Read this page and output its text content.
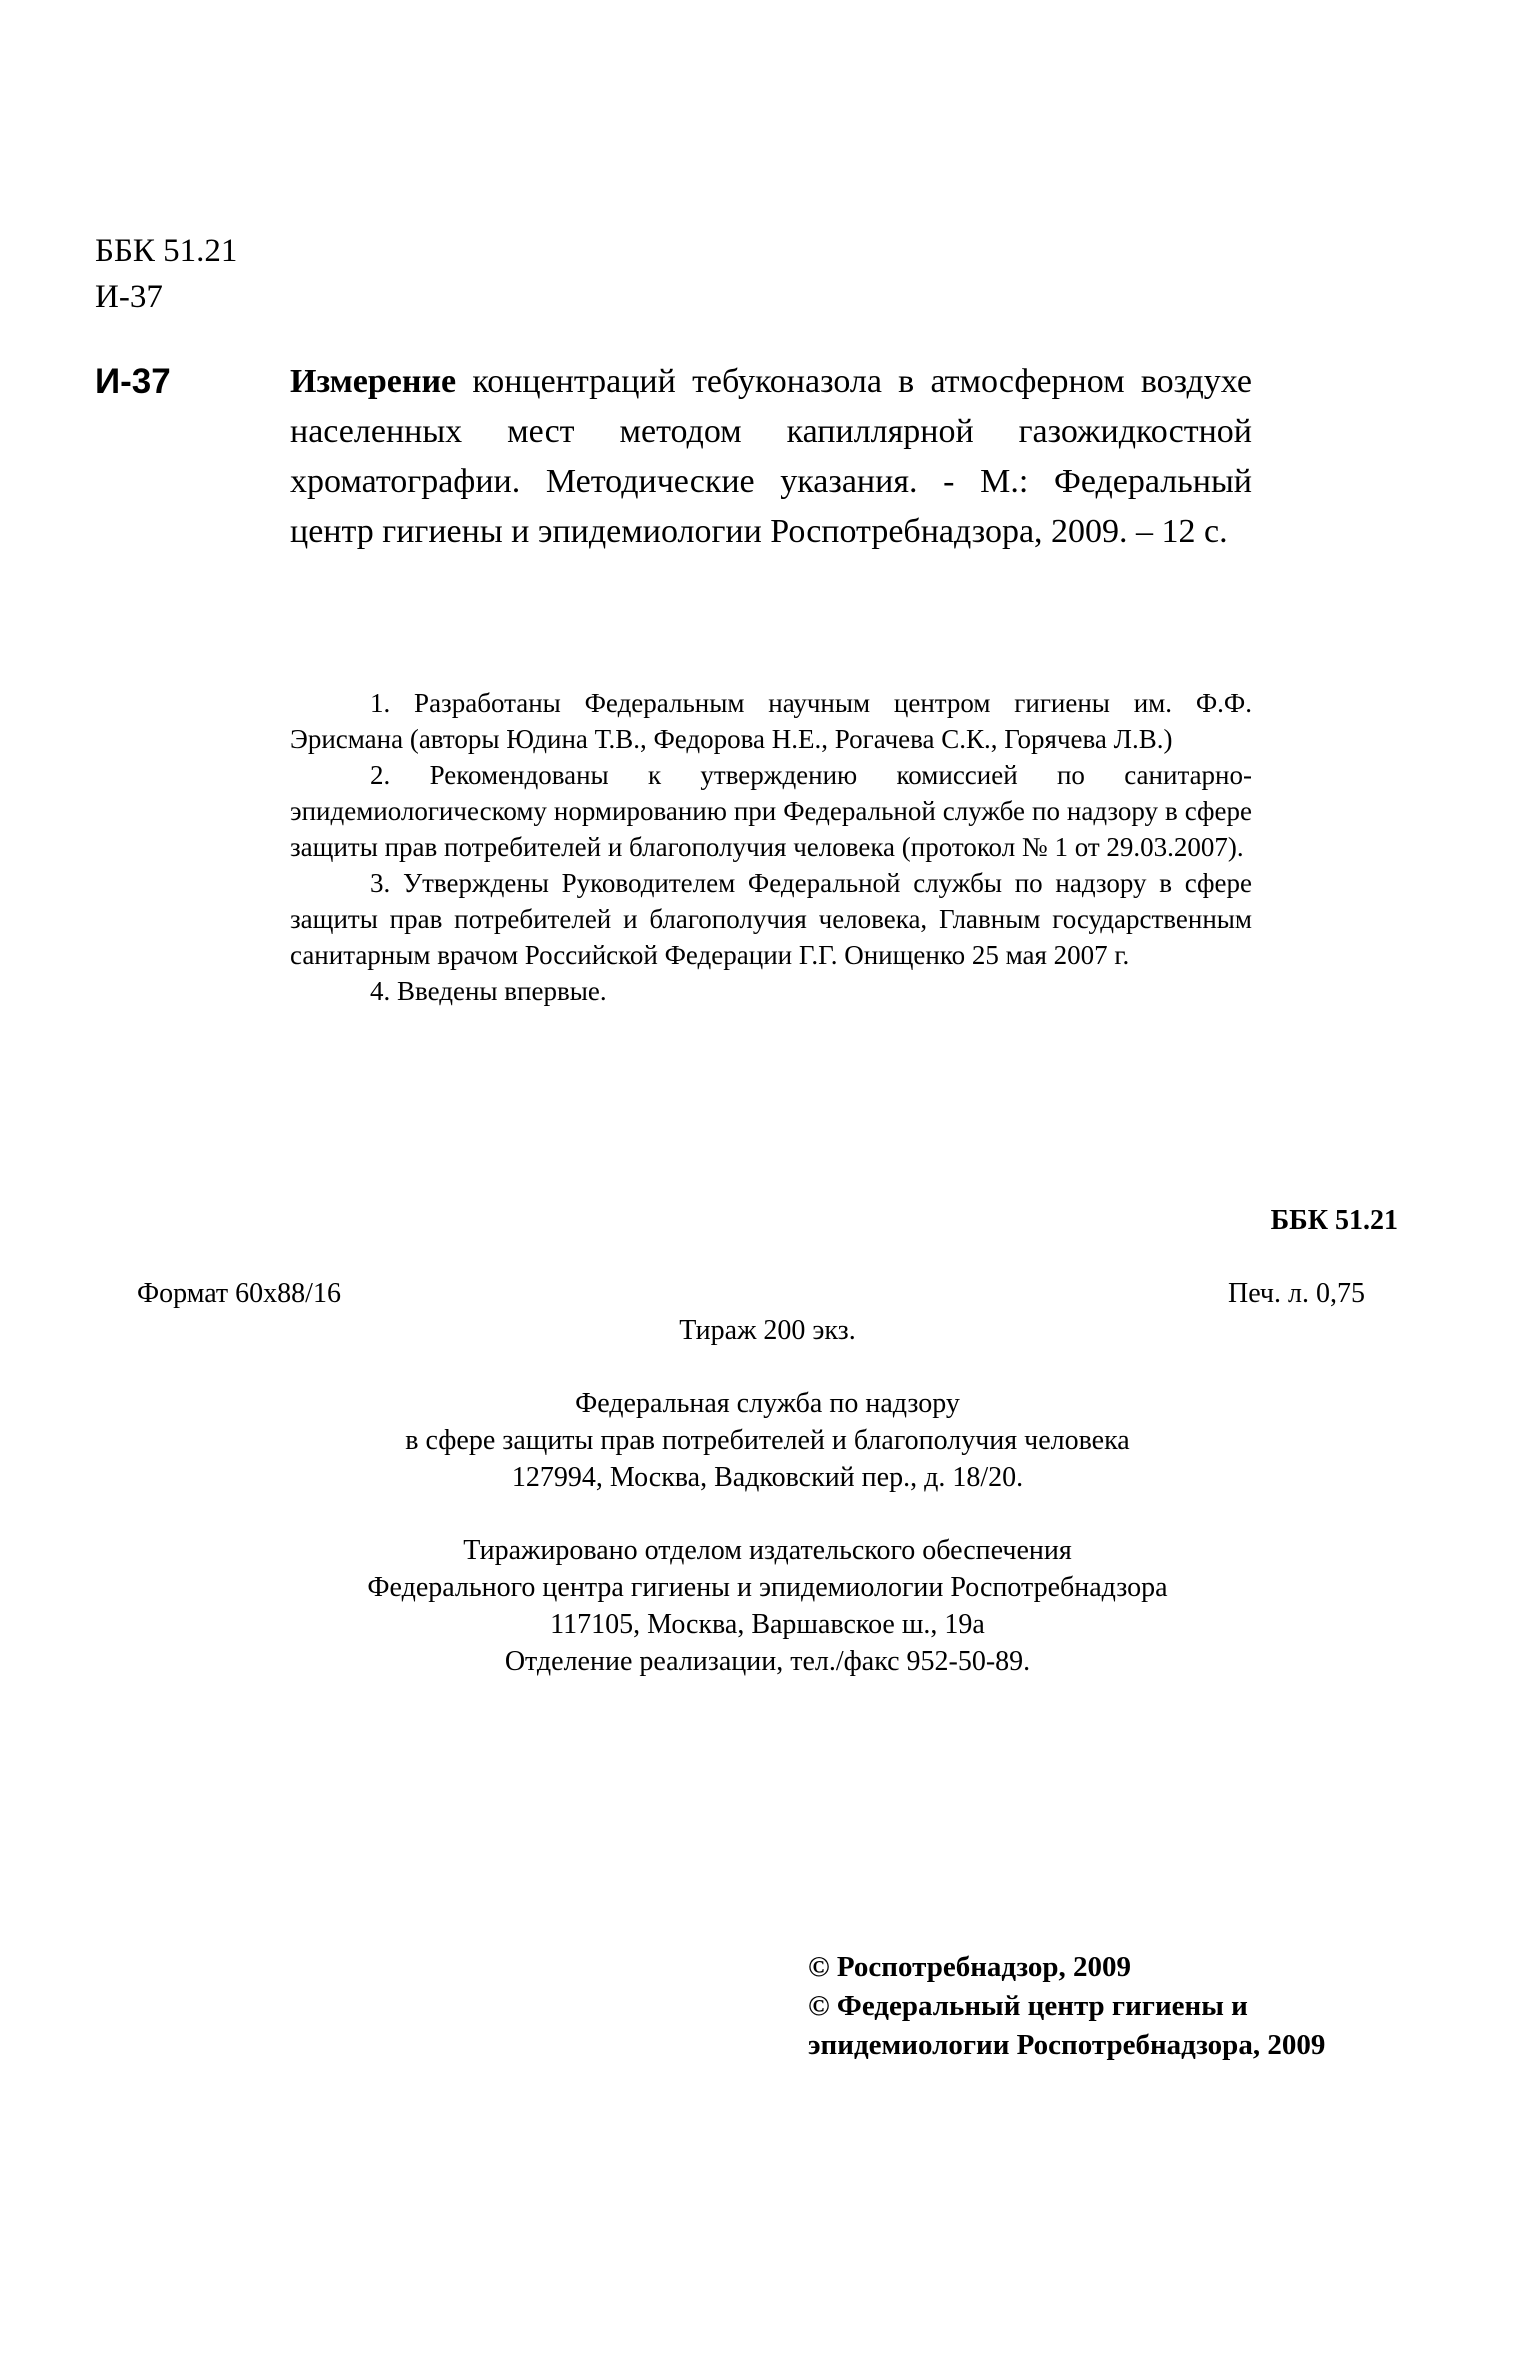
ББК 51.21
И-37
И-37	Измерение концентраций тебуконазола в атмосферном воздухе населенных мест методом капиллярной газожидкостной хроматографии. Методические указания. - М.: Федеральный центр гигиены и эпидемиологии Роспотребнадзора, 2009. – 12 с.

1. Разработаны Федеральным научным центром гигиены им. Ф.Ф. Эрисмана (авторы Юдина Т.В., Федорова Н.Е., Рогачева С.К., Горячева Л.В.)

2. Рекомендованы к утверждению комиссией по санитарно-эпидемиологическому нормированию при Федеральной службе по надзору в сфере защиты прав потребителей и благополучия человека (протокол № 1 от 29.03.2007).

3. Утверждены Руководителем Федеральной службы по надзору в сфере защиты прав потребителей и благополучия человека, Главным государственным санитарным врачом Российской Федерации Г.Г. Онищенко 25 мая 2007 г.

4. Введены впервые.

ББК 51.21
Формат 60х88/16	Печ. л. 0,75
Тираж 200 экз.
Федеральная служба по надзору
в сфере защиты прав потребителей и благополучия человека
127994, Москва, Вадковский пер., д. 18/20.
Тиражировано отделом издательского обеспечения
Федерального центра гигиены и эпидемиологии Роспотребнадзора
117105, Москва, Варшавское ш., 19а
Отделение реализации, тел./факс 952-50-89.
© Роспотребнадзор, 2009
© Федеральный центр гигиены и
эпидемиологии Роспотребнадзора, 2009
